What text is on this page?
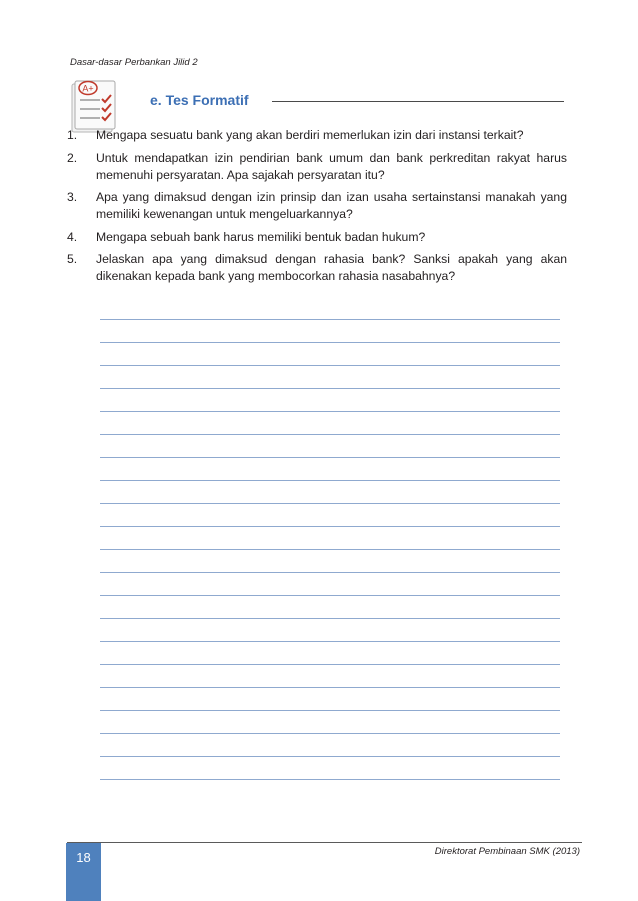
Dasar-dasar Perbankan Jilid 2
A+
e. Tes Formatif
1. Mengapa sesuatu bank yang akan berdiri memerlukan izin dari instansi terkait?
2. Untuk mendapatkan izin pendirian bank umum dan bank perkreditan rakyat harus memenuhi persyaratan. Apa sajakah persyaratan itu?
3. Apa yang dimaksud dengan izin prinsip dan izan usaha sertainstansi manakah yang memiliki kewenangan untuk mengeluarkannya?
4. Mengapa sebuah bank harus memiliki bentuk badan hukum?
5. Jelaskan apa yang dimaksud dengan rahasia bank? Sanksi apakah yang akan dikenakan kepada bank yang membocorkan rahasia nasabahnya?
18	Direktorat Pembinaan SMK (2013)
